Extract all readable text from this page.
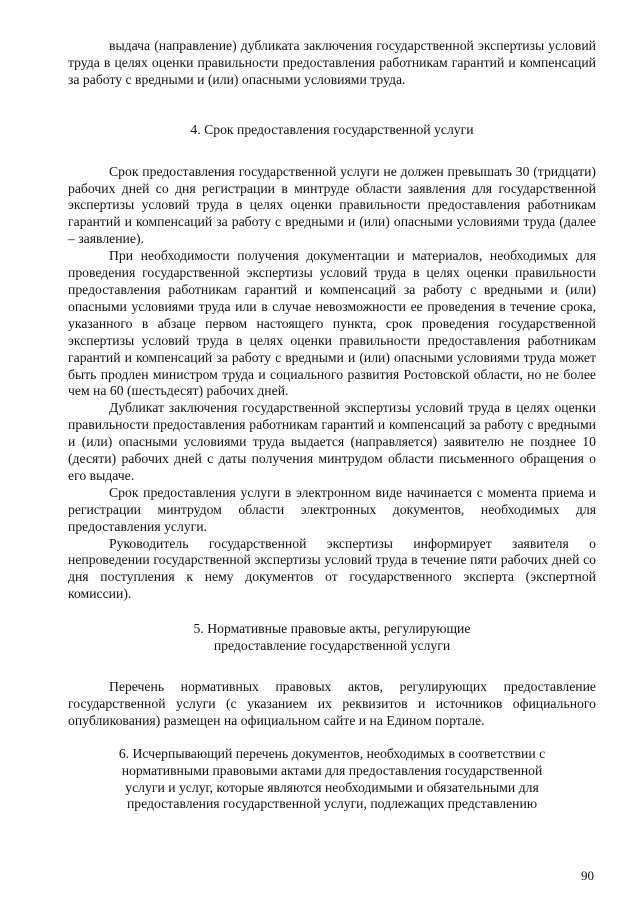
выдача (направление) дубликата заключения государственной экспертизы условий труда в целях оценки правильности предоставления работникам гарантий и компенсаций за работу с вредными и (или) опасными условиями труда.

4. Срок предоставления государственной услуги

Срок предоставления государственной услуги не должен превышать 30 (тридцати) рабочих дней со дня регистрации в минтруде области заявления для государственной экспертизы условий труда в целях оценки правильности предоставления работникам гарантий и компенсаций за работу с вредными и (или) опасными условиями труда (далее – заявление).

При необходимости получения документации и материалов, необходимых для проведения государственной экспертизы условий труда в целях оценки правильности предоставления работникам гарантий и компенсаций за работу с вредными и (или) опасными условиями труда или в случае невозможности ее проведения в течение срока, указанного в абзаце первом настоящего пункта, срок проведения государственной экспертизы условий труда в целях оценки правильности предоставления работникам гарантий и компенсаций за работу с вредными и (или) опасными условиями труда может быть продлен министром труда и социального развития Ростовской области, но не более чем на 60 (шестьдесят) рабочих дней.

Дубликат заключения государственной экспертизы условий труда в целях оценки правильности предоставления работникам гарантий и компенсаций за работу с вредными и (или) опасными условиями труда выдается (направляется) заявителю не позднее 10 (десяти) рабочих дней с даты получения минтрудом области письменного обращения о его выдаче.

Срок предоставления услуги в электронном виде начинается с момента приема и регистрации минтрудом области электронных документов, необходимых для предоставления услуги.

Руководитель государственной экспертизы информирует заявителя о непроведении государственной экспертизы условий труда в течение пяти рабочих дней со дня поступления к нему документов от государственного эксперта (экспертной комиссии).

5. Нормативные правовые акты, регулирующие
предоставление государственной услуги

Перечень нормативных правовых актов, регулирующих предоставление государственной услуги (с указанием их реквизитов и источников официального опубликования) размещен на официальном сайте и на Едином портале.

6. Исчерпывающий перечень документов, необходимых в соответствии с
нормативными правовыми актами для предоставления государственной
услуги и услуг, которые являются необходимыми и обязательными для
предоставления государственной услуги, подлежащих представлению

90
